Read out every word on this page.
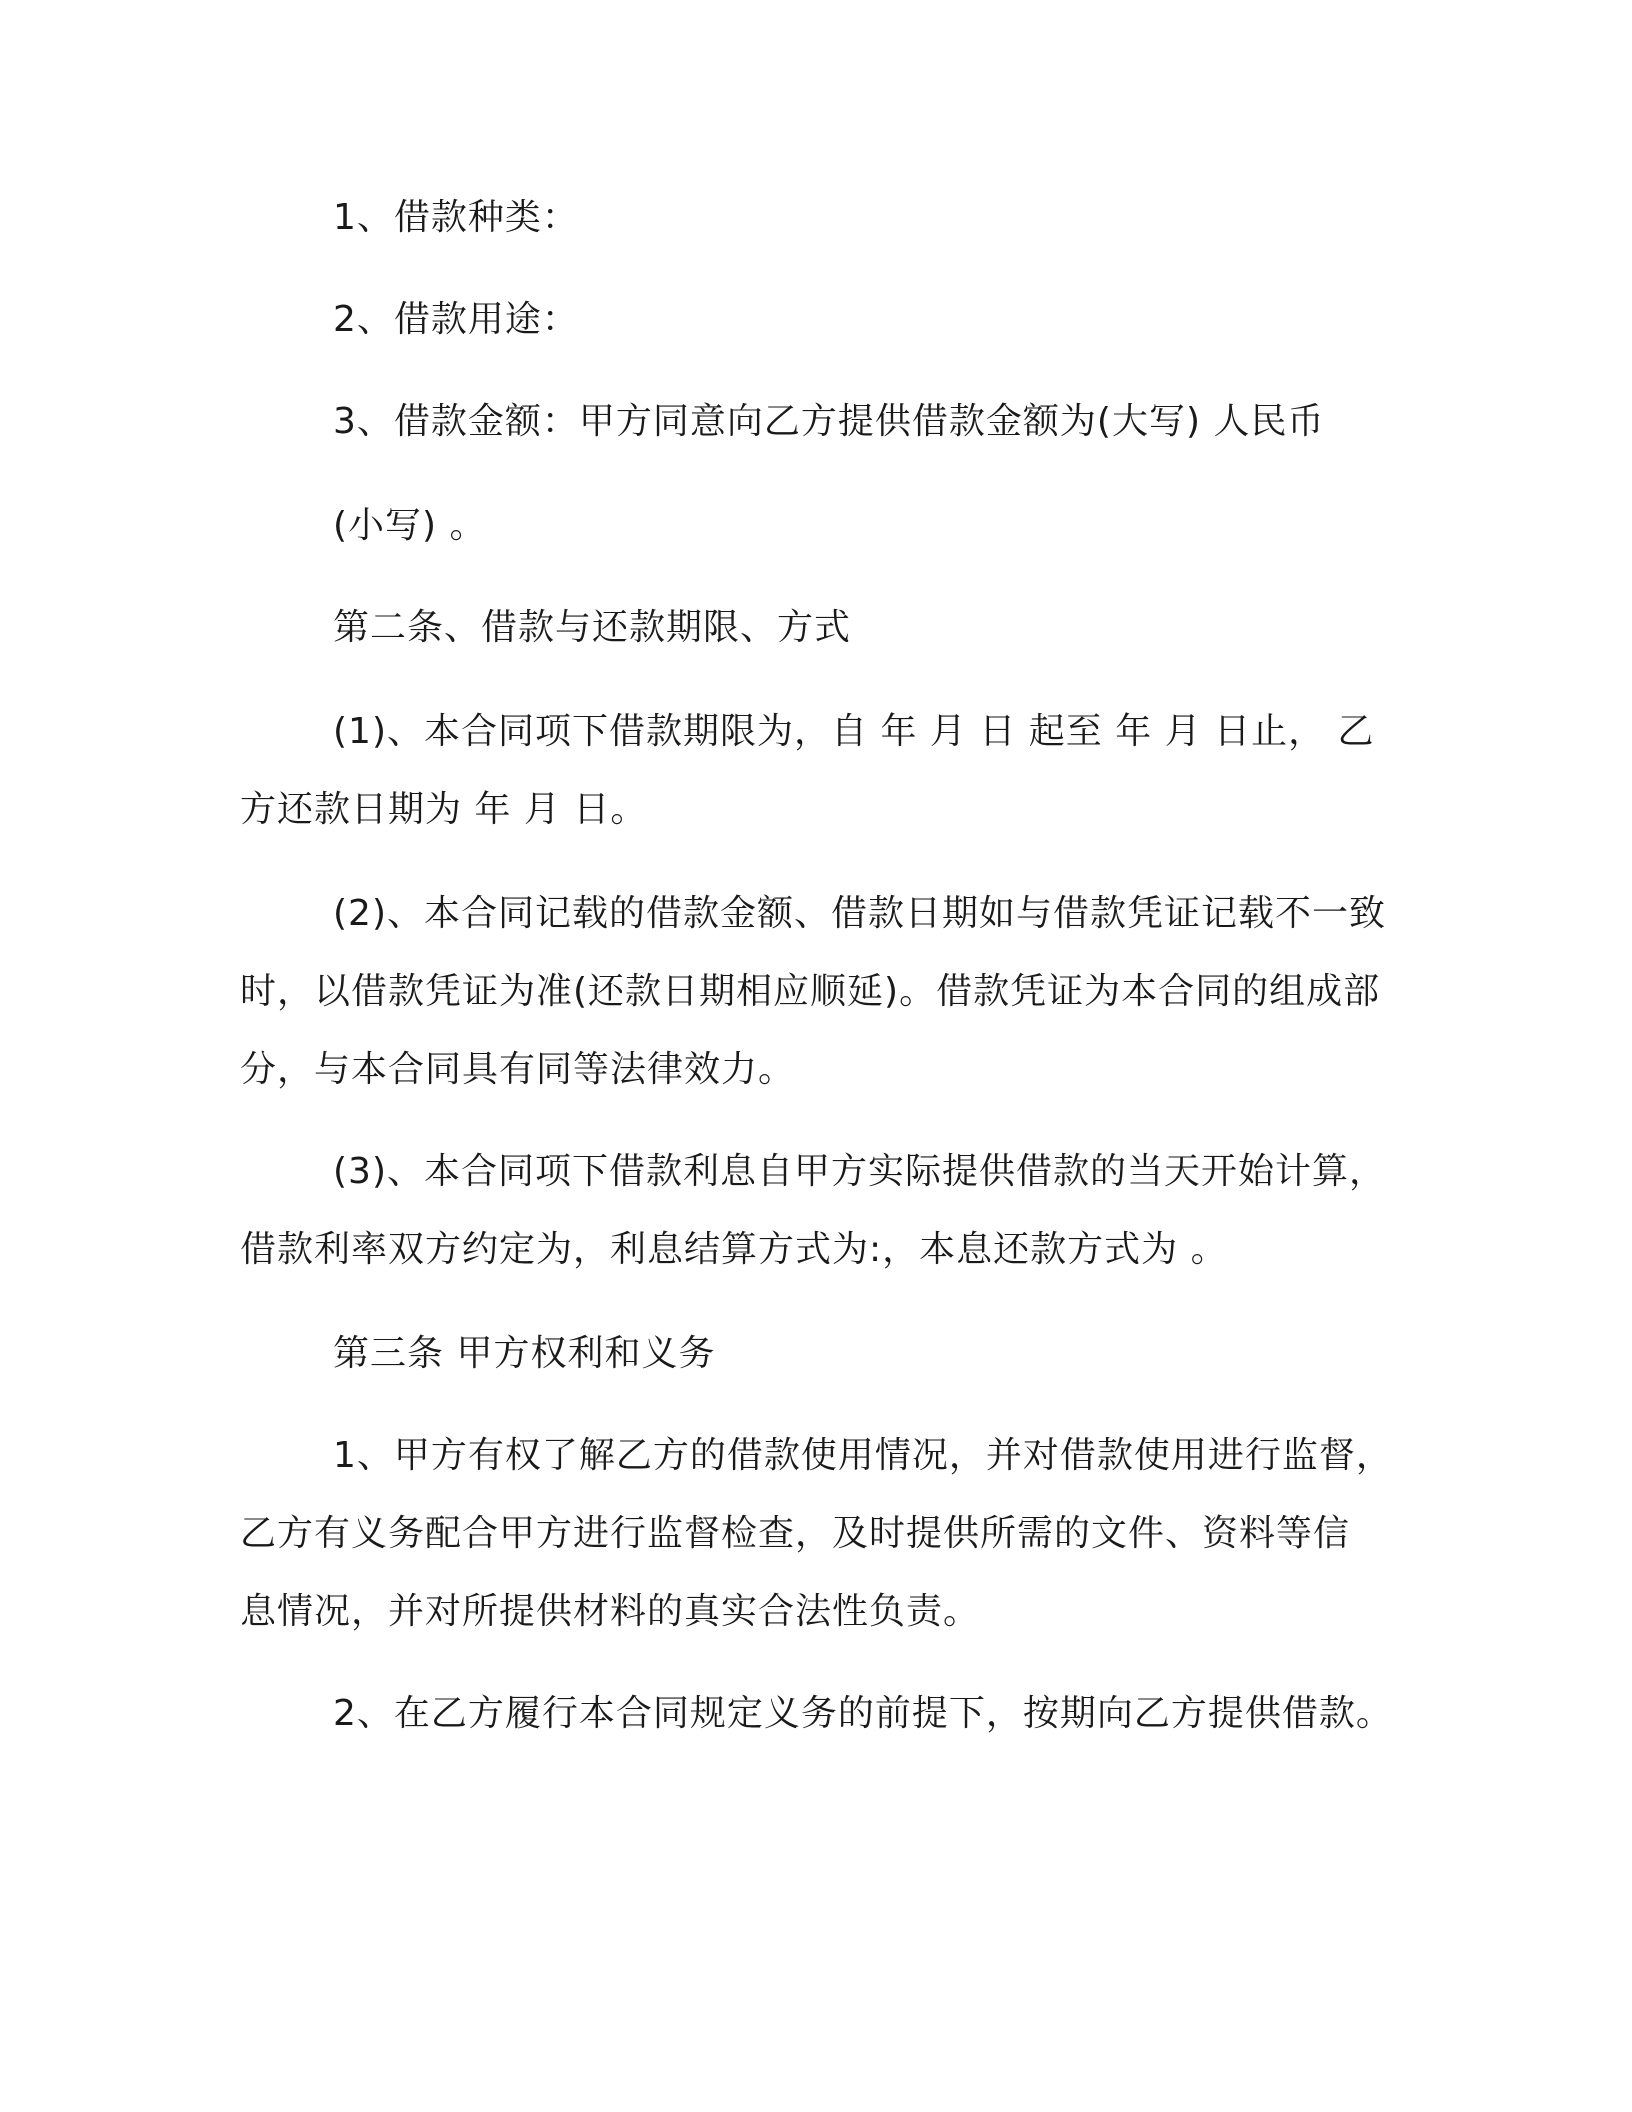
1、借款种类：
2、借款用途：
3、借款金额：甲方同意向乙方提供借款金额为(大写) 人民币
(小写) 。
第二条、借款与还款期限、方式
(1)、本合同项下借款期限为，自 年 月 日 起至 年 月 日止， 乙
方还款日期为 年 月 日。
(2)、本合同记载的借款金额、借款日期如与借款凭证记载不一致
时，以借款凭证为准(还款日期相应顺延)。借款凭证为本合同的组成部
分，与本合同具有同等法律效力。
(3)、本合同项下借款利息自甲方实际提供借款的当天开始计算，
借款利率双方约定为，利息结算方式为:，本息还款方式为 。
第三条 甲方权利和义务
1、甲方有权了解乙方的借款使用情况，并对借款使用进行监督，
乙方有义务配合甲方进行监督检查，及时提供所需的文件、资料等信
息情况，并对所提供材料的真实合法性负责。
2、在乙方履行本合同规定义务的前提下，按期向乙方提供借款。
